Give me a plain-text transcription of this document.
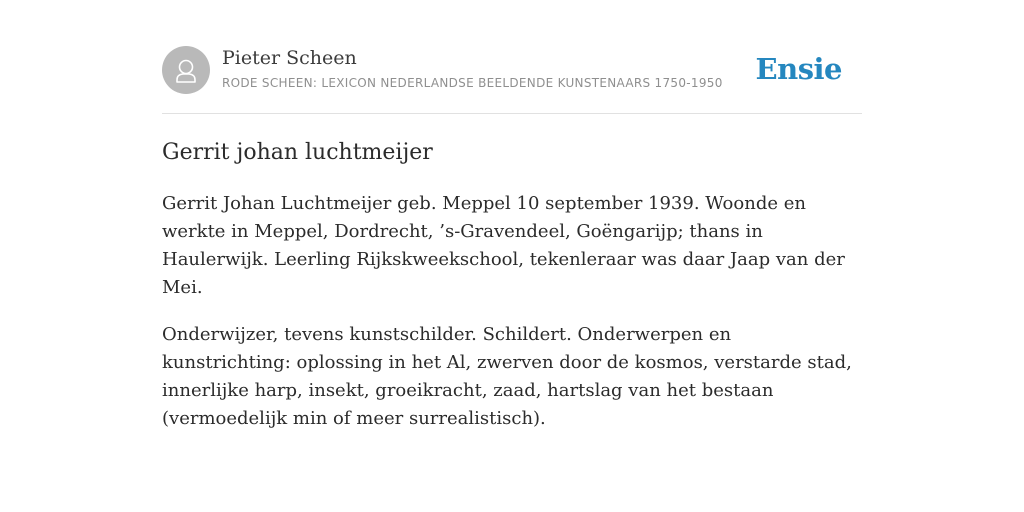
Pieter Scheen
RODE SCHEEN: LEXICON NEDERLANDSE BEELDENDE KUNSTENAARS 1750-1950 Ensie
Gerrit johan luchtmeijer

Gerrit Johan Luchtmeijer geb. Meppel 10 september 1939. Woonde en werkte in Meppel, Dordrecht, ’s-Gravendeel, Goëngarijp; thans in Haulerwijk. Leerling Rijkskweekschool, tekenleraar was daar Jaap van der Mei.

Onderwijzer, tevens kunstschilder. Schildert. Onderwerpen en kunstrichting: oplossing in het Al, zwerven door de kosmos, verstarde stad, innerlijke harp, insekt, groeikracht, zaad, hartslag van het bestaan (vermoedelijk min of meer surrealistisch).
